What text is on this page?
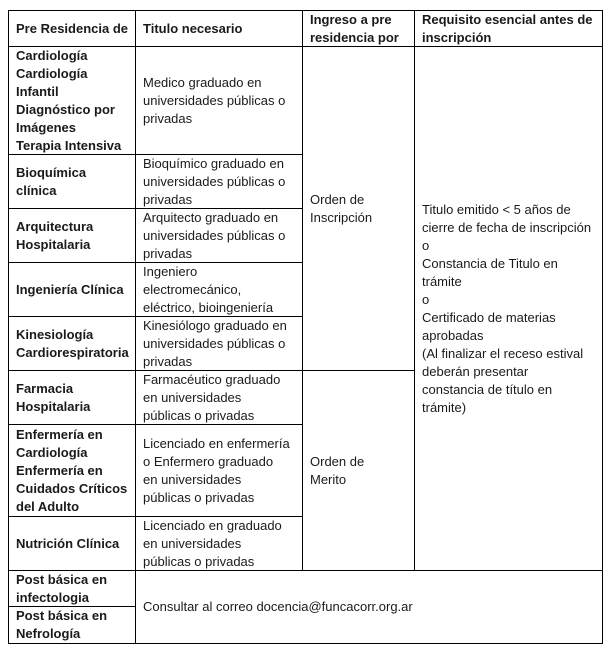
Pre Residencia de Titulo necesario
Ingreso a pre
residencia por
Requisito esencial antes de
inscripción
Cardiología
Cardiología
Infantil
Diagnóstico por
Imágenes
Terapia Intensiva
Medico graduado en
universidades públicas o
privadas
Bioquímica clínica
Bioquímico graduado en
universidades públicas o
privadas
Arquitectura
Hospitalaria
Arquitecto graduado en
universidades públicas o
privadas
Ingeniería Clínica
Ingeniero
electromecánico,
eléctrico, bioingeniería
Kinesiología
Cardiorespiratoria
Kinesiólogo graduado en
universidades públicas o
privadas
Farmacia
Hospitalaria
Farmacéutico graduado
en universidades
públicas o privadas
Enfermería en
Cardiología
Enfermería en
Cuidados Críticos
del Adulto
Licenciado en enfermería
o Enfermero graduado
en universidades
públicas o privadas
Nutrición Clínica
Licenciado en graduado
en universidades
públicas o privadas
Orden de
Inscripción
Orden de
Merito
Titulo emitido < 5 años de
cierre de fecha de inscripción
o
Constancia de Titulo en
trámite
o
Certificado de materias
aprobadas
(Al finalizar el receso estival
deberán presentar
constancia de título en
trámite)
Post básica en
infectologia
Post básica en
Nefrología
Consultar al correo docencia@funcacorr.org.ar
